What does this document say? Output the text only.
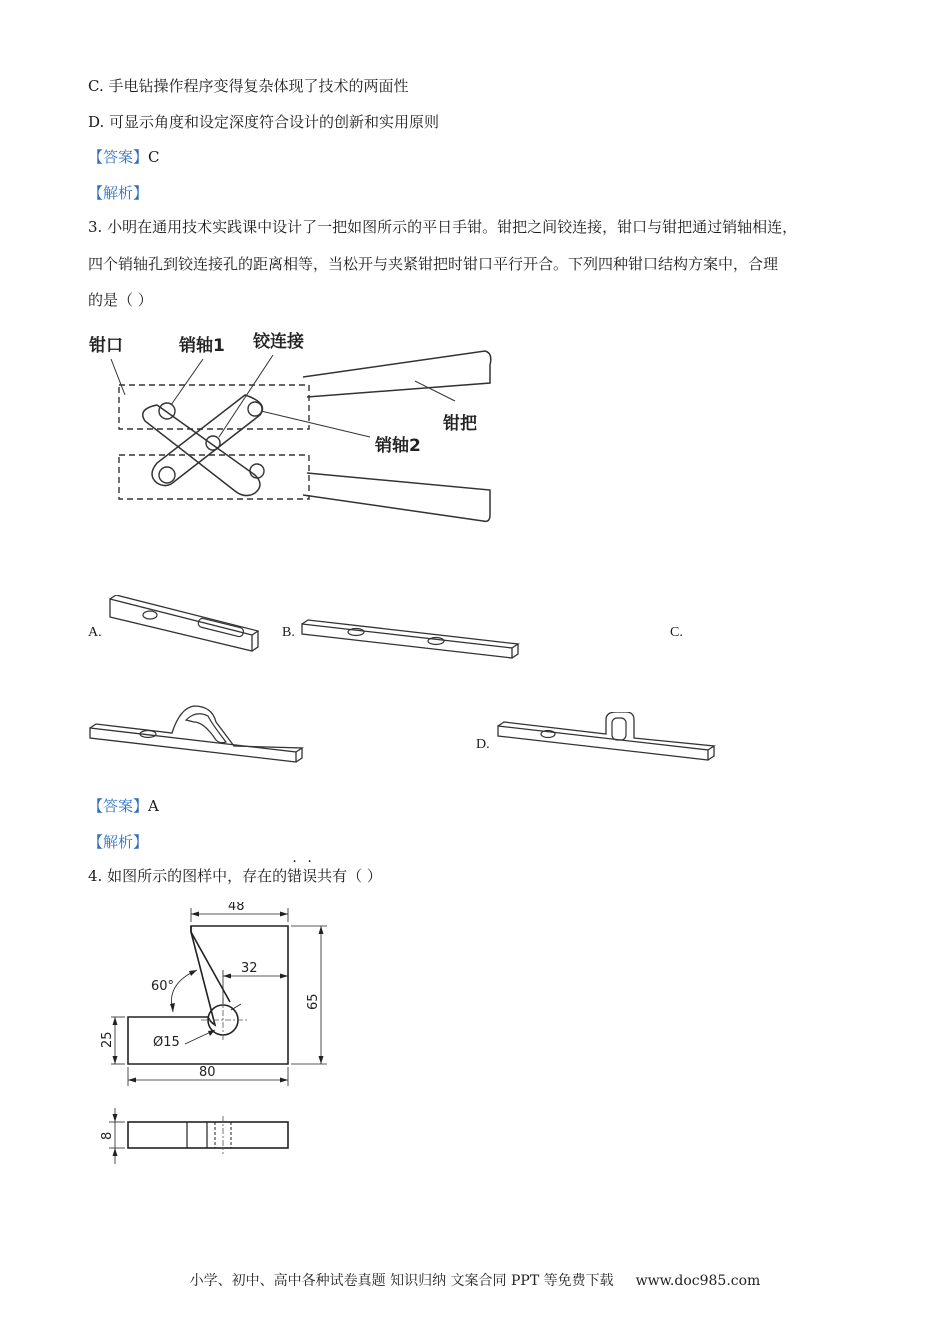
C. 手电钻操作程序变得复杂体现了技术的两面性
D. 可显示角度和设定深度符合设计的创新和实用原则
【答案】C
【解析】
3. 小明在通用技术实践课中设计了一把如图所示的平日手钳。钳把之间铰连接，钳口与钳把通过销轴相连，
四个销轴孔到铰连接孔的距离相等，当松开与夹紧钳把时钳口平行开合。下列四种钳口结构方案中，合理
的是（ ）
钳口	销轴1 铰连接
钳把
销轴2
A.	B.	C.
D.
【答案】A
【解析】
4. 如图所示的图样中，存在的错误共有（ ）
48
32
60°
65
25	Ø15
80
8
小学、初中、高中各种试卷真题 知识归纳 文案合同 PPT 等免费下载 www.doc985.com
